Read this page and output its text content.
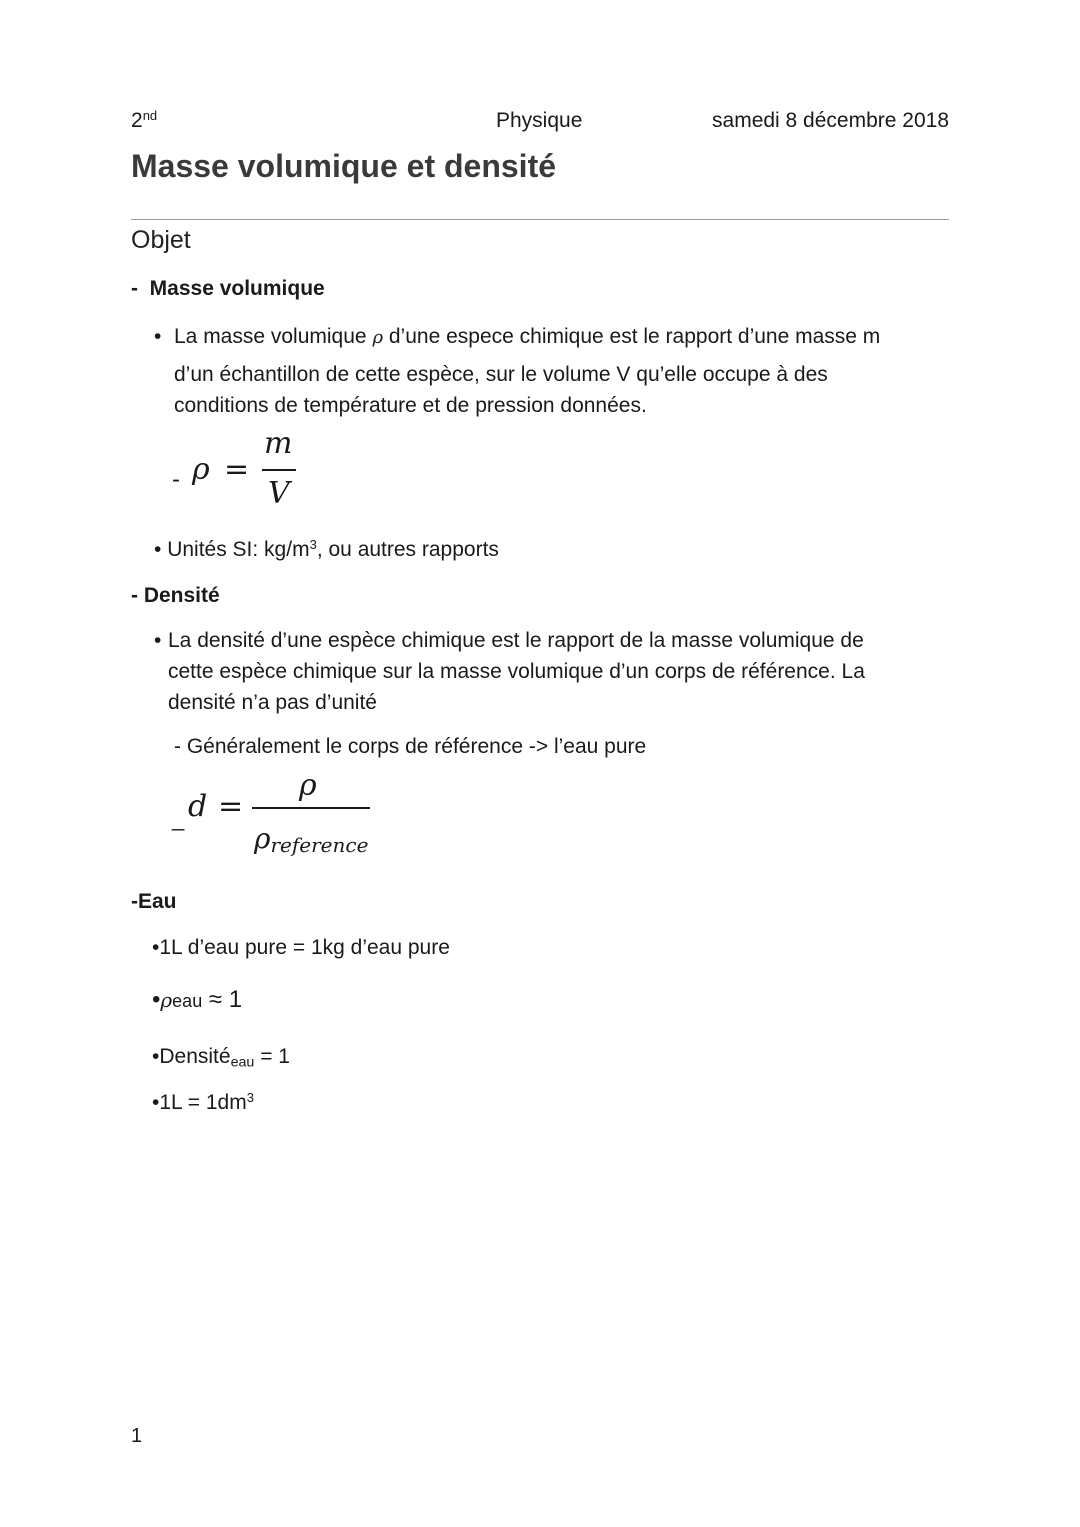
2nd	Physique	samedi 8 décembre 2018
Masse volumique et densité
Objet
-  Masse volumique
• La masse volumique ρ d’une espece chimique est le rapport d’une masse m
d’un échantillon de cette espèce, sur le volume V qu’elle occupe à des
conditions de température et de pression données.
- ρ =
m
V
• Unités SI: $kg/m^3$, ou autres rapports
- Densité
• La densité d’une espèce chimique est le rapport de la masse volumique de
cette espèce chimique sur la masse volumique d’un corps de référence. La
densité n’a pas d’unité
- Généralement le corps de référence -> l’eau pure
_ d =
ρ
ρreference
-Eau
•1L d’eau pure = 1kg d’eau pure
•ρeau ≈ 1
•Densité$_{eau}$ = 1
•1L = $1dm^3$
1
